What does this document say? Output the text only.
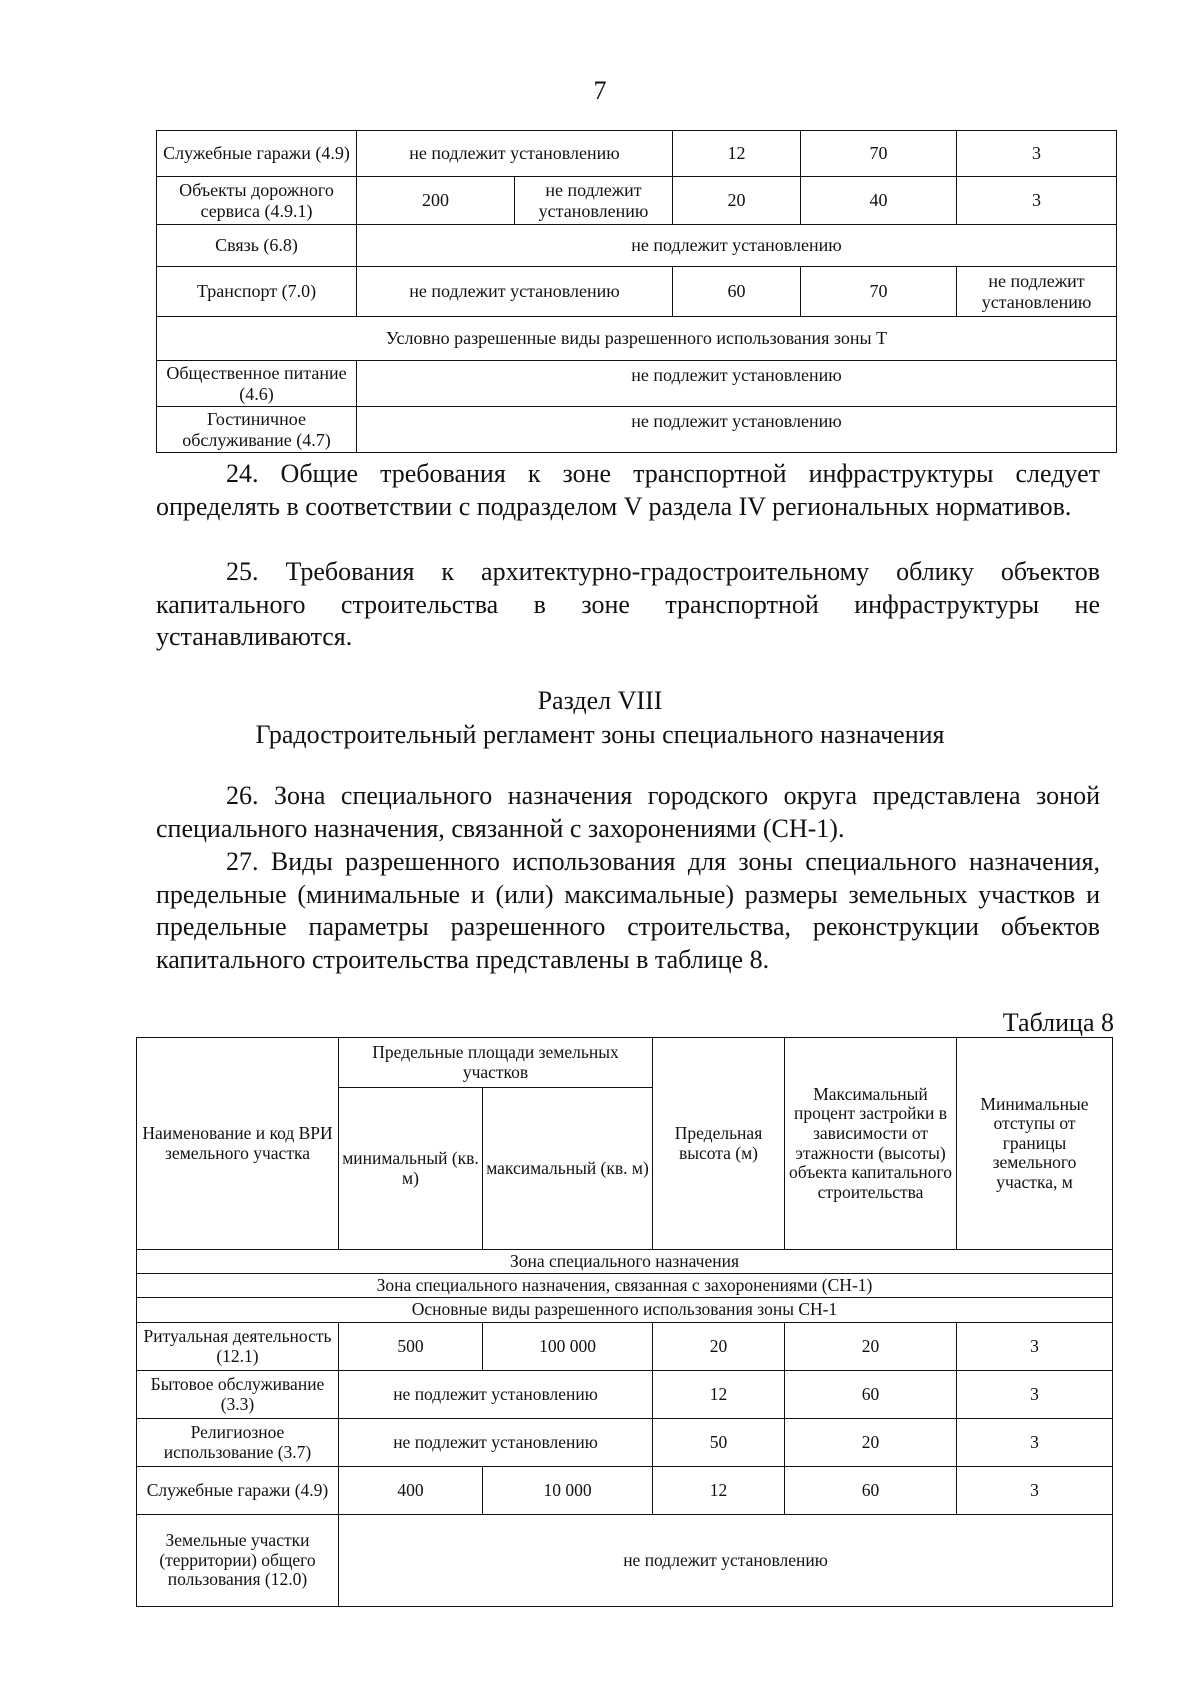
7
Служебные гаражи (4.9)	не подлежит установлению		12	70	3
Объекты дорожного сервиса (4.9.1)	200	не подлежит установлению	20	40	3
Связь (6.8)	не подлежит установлению				
Транспорт (7.0)	не подлежит установлению		60	70	не подлежит установлению
Условно разрешенные виды разрешенного использования зоны Т					
Общественное питание (4.6)	не подлежит установлению				
Гостиничное обслуживание (4.7)	не подлежит установлению				

24. Общие требования к зоне транспортной инфраструктуры следует определять в соответствии с подразделом V раздела IV региональных нормативов.

25. Требования к архитектурно-градостроительному облику объектов капитального строительства в зоне транспортной инфраструктуры не устанавливаются.

Раздел VIII

Градостроительный регламент зоны специального назначения

26. Зона специального назначения городского округа представлена зоной специального назначения, связанной с захоронениями (СН-1).

27. Виды разрешенного использования для зоны специального назначения, предельные (минимальные и (или) максимальные) размеры земельных участков и предельные параметры разрешенного строительства, реконструкции объектов капитального строительства представлены в таблице 8.

Таблица 8
Наименование и код ВРИ земельного участка	Предельные площади земельных участков		Предельная высота (м)	Максимальный процент застройки в зависимости от этажности (высоты) объекта капитального строительства	Минимальные отступы от границы земельного участка, м
	минимальный (кв. м)	максимальный (кв. м)			
Зона специального назначения					
Зона специального назначения, связанная с захоронениями (СН-1)					
Основные виды разрешенного использования зоны СН-1					
Ритуальная деятельность (12.1)	500	100 000	20	20	3
Бытовое обслуживание (3.3)	не подлежит установлению		12	60	3
Религиозное использование (3.7)	не подлежит установлению		50	20	3
Служебные гаражи (4.9)	400	10 000	12	60	3
Земельные участки (территории) общего пользования (12.0)	не подлежит установлению				
